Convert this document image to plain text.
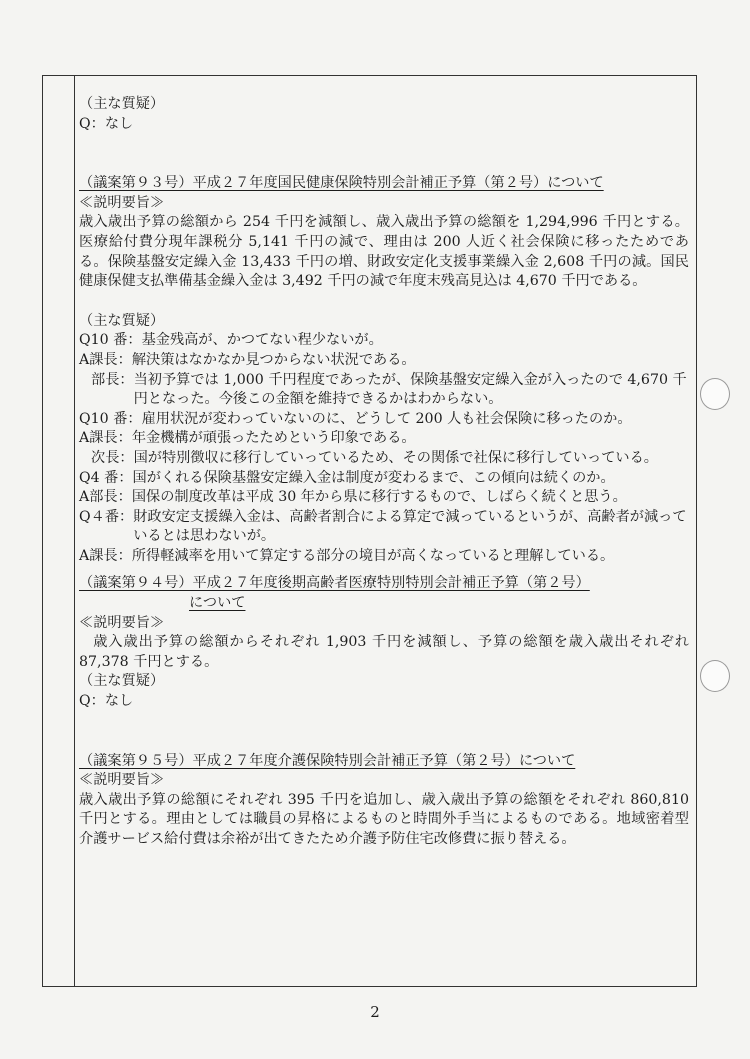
（主な質疑）
Q：なし
（議案第９３号）平成２７年度国民健康保険特別会計補正予算（第２号）について
≪説明要旨≫
歳入歳出予算の総額から 254 千円を減額し、歳入歳出予算の総額を 1,294,996 千円とする。医療給付費分現年課税分 5,141 千円の減で、理由は 200 人近く社会保険に移ったためである。保険基盤安定繰入金 13,433 千円の増、財政安定化支援事業繰入金 2,608 千円の減。国民健康保健支払準備基金繰入金は 3,492 千円の減で年度末残高見込は 4,670 千円である。
（主な質疑）
Q10 番： 基金残高が、かつてない程少ないが。
A課長： 解決策はなかなか見つからない状況である。
部長： 当初予算では 1,000 千円程度であったが、保険基盤安定繰入金が入ったので 4,670 千円となった。今後この金額を維持できるかはわからない。
Q10 番： 雇用状況が変わっていないのに、どうして 200 人も社会保険に移ったのか。
A課長： 年金機構が頑張ったためという印象である。
次長： 国が特別徴収に移行していっているため、その関係で社保に移行していっている。
Q4 番： 国がくれる保険基盤安定繰入金は制度が変わるまで、この傾向は続くのか。
A部長： 国保の制度改革は平成 30 年から県に移行するもので、しばらく続くと思う。
Q４番： 財政安定支援繰入金は、高齢者割合による算定で減っているというが、高齢者が減っているとは思わないが。
A課長： 所得軽減率を用いて算定する部分の境目が高くなっていると理解している。
（議案第９４号）平成２７年度後期高齢者医療特別特別会計補正予算（第２号）
について
≪説明要旨≫
歳入歳出予算の総額からそれぞれ 1,903 千円を減額し、予算の総額を歳入歳出それぞれ 87,378 千円とする。
（主な質疑）
Q：なし
（議案第９５号）平成２７年度介護保険特別会計補正予算（第２号）について
≪説明要旨≫
歳入歳出予算の総額にそれぞれ 395 千円を追加し、歳入歳出予算の総額をそれぞれ 860,810 千円とする。理由としては職員の昇格によるものと時間外手当によるものである。地域密着型介護サービス給付費は余裕が出てきたため介護予防住宅改修費に振り替える。
2
